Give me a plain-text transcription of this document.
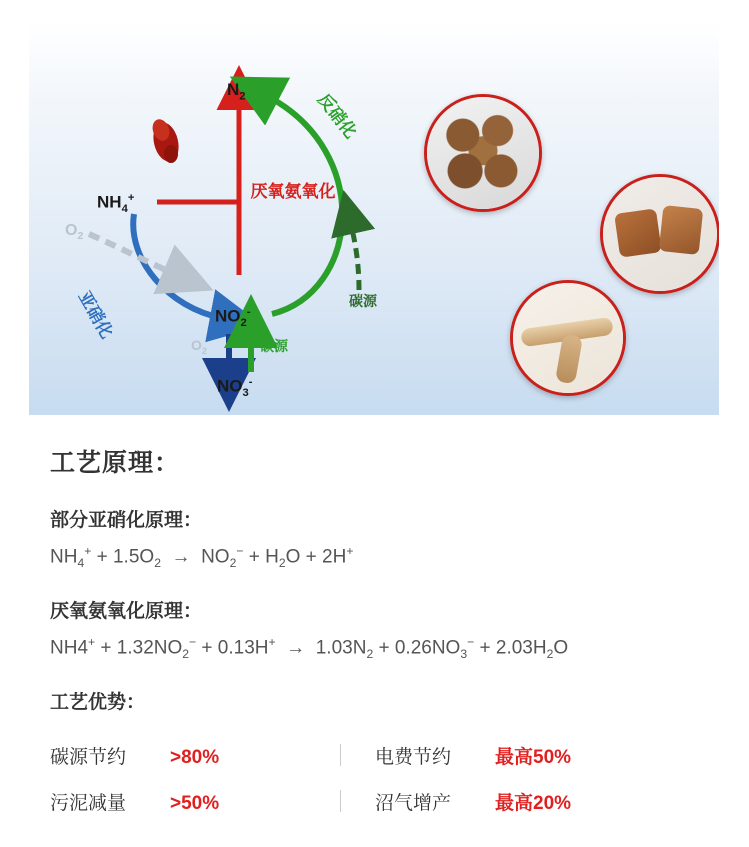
$N_2$
$NH_4^+$
$NO_2^-$
$NO_3^-$
$O_2$
$O_2$
厌氧氨氧化
反硝化
亚硝化	碳源
碳源
工艺原理：
部分亚硝化原理：

$NH_4^+ + 1.5O_2 \to NO_2^- + H_2O + 2H^+$

厌氧氨氧化原理：

$NH4^+ + 1.32NO_2^- + 0.13H^+ \to 1.03N_2 + 0.26NO_3^- + 2.03H_2O$

工艺优势：
碳源节约	>80%	电费节约	最高50%
污泥减量	>50%	沼气增产	最高20%
